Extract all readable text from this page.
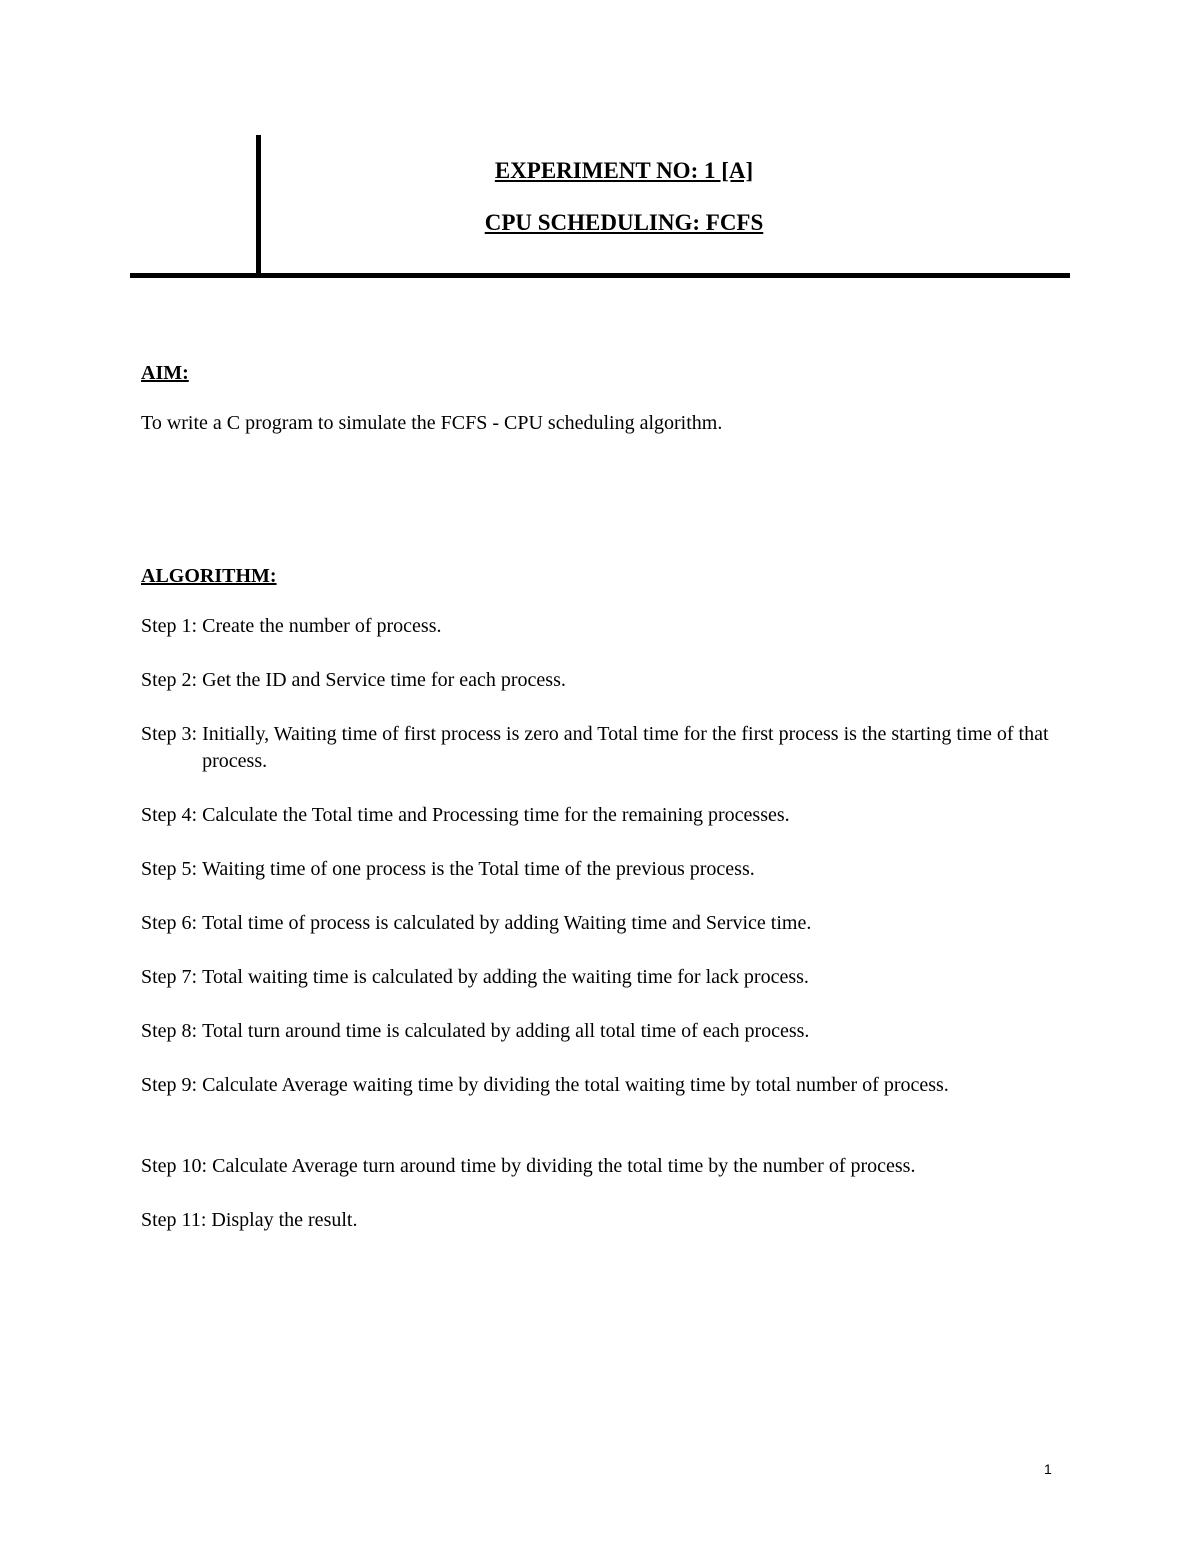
EXPERIMENT NO: 1 [A]
CPU SCHEDULING: FCFS
AIM:
To write a C program to simulate the FCFS - CPU scheduling algorithm.
ALGORITHM:
Step 1: Create the number of process.
Step 2: Get the ID and Service time for each process.
Step 3: Initially, Waiting time of first process is zero and Total time for the first process is the starting time of that process.
Step 4: Calculate the Total time and Processing time for the remaining processes.
Step 5: Waiting time of one process is the Total time of the previous process.
Step 6: Total time of process is calculated by adding Waiting time and Service time.
Step 7: Total waiting time is calculated by adding the waiting time for lack process.
Step 8: Total turn around time is calculated by adding all total time of each process.
Step 9: Calculate Average waiting time by dividing the total waiting time by total number of process.
Step 10: Calculate Average turn around time by dividing the total time by the number of process.
Step 11: Display the result.
1
